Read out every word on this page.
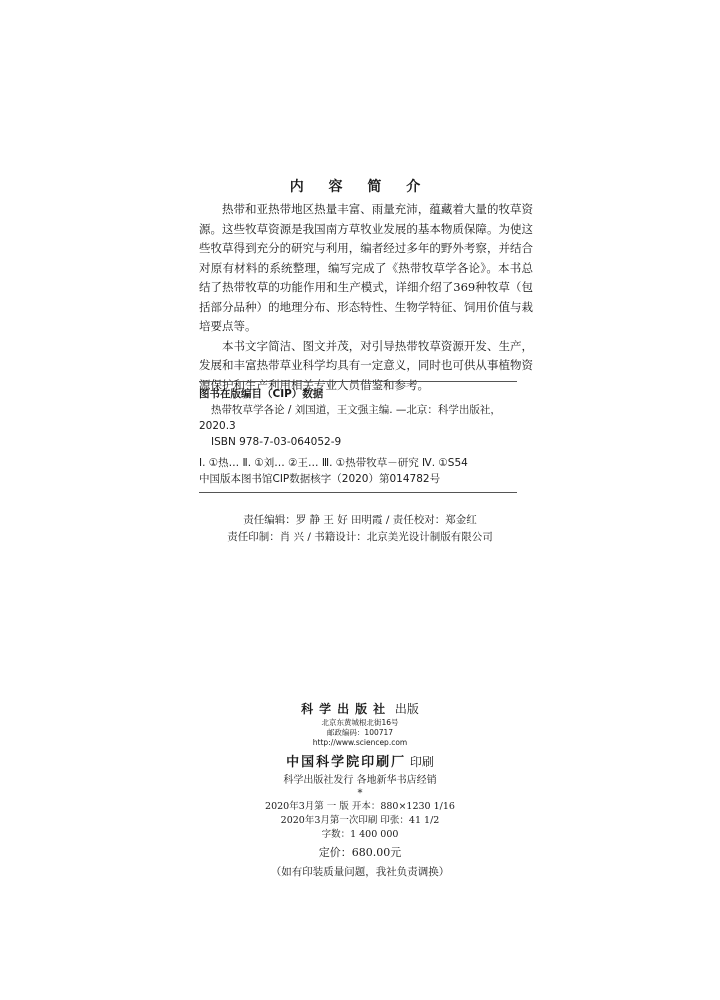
内 容 简 介

热带和亚热带地区热量丰富、雨量充沛，蕴藏着大量的牧草资源。这些牧草资源是我国南方草牧业发展的基本物质保障。为使这些牧草得到充分的研究与利用，编者经过多年的野外考察，并结合对原有材料的系统整理，编写完成了《热带牧草学各论》。本书总结了热带牧草的功能作用和生产模式，详细介绍了369种牧草（包括部分品种）的地理分布、形态特性、生物学特征、饲用价值与栽培要点等。

本书文字简洁、图文并茂，对引导热带牧草资源开发、生产，发展和丰富热带草业科学均具有一定意义，同时也可供从事植物资源保护和生产利用相关专业人员借鉴和参考。

图书在版编目（CIP）数据
热带牧草学各论 / 刘国道，王文强主编. —北京：科学出版社，
2020.3
ISBN 978-7-03-064052-9
Ⅰ. ①热… Ⅱ. ①刘… ②王… Ⅲ. ①热带牧草－研究 Ⅳ. ①S54
中国版本图书馆CIP数据核字（2020）第014782号
责任编辑：罗 静 王 好 田明霞 / 责任校对：郑金红
责任印制：肖 兴 / 书籍设计：北京美光设计制版有限公司
科学出版社 出版
北京东黄城根北街16号
邮政编码：100717
http://www.sciencep.com
中国科学院印刷厂 印刷
科学出版社发行 各地新华书店经销
*
2020年3月第 一 版 开本：880×1230 1/16
2020年3月第一次印刷 印张：41 1/2
字数：1 400 000
定价：680.00元
（如有印装质量问题，我社负责调换）
